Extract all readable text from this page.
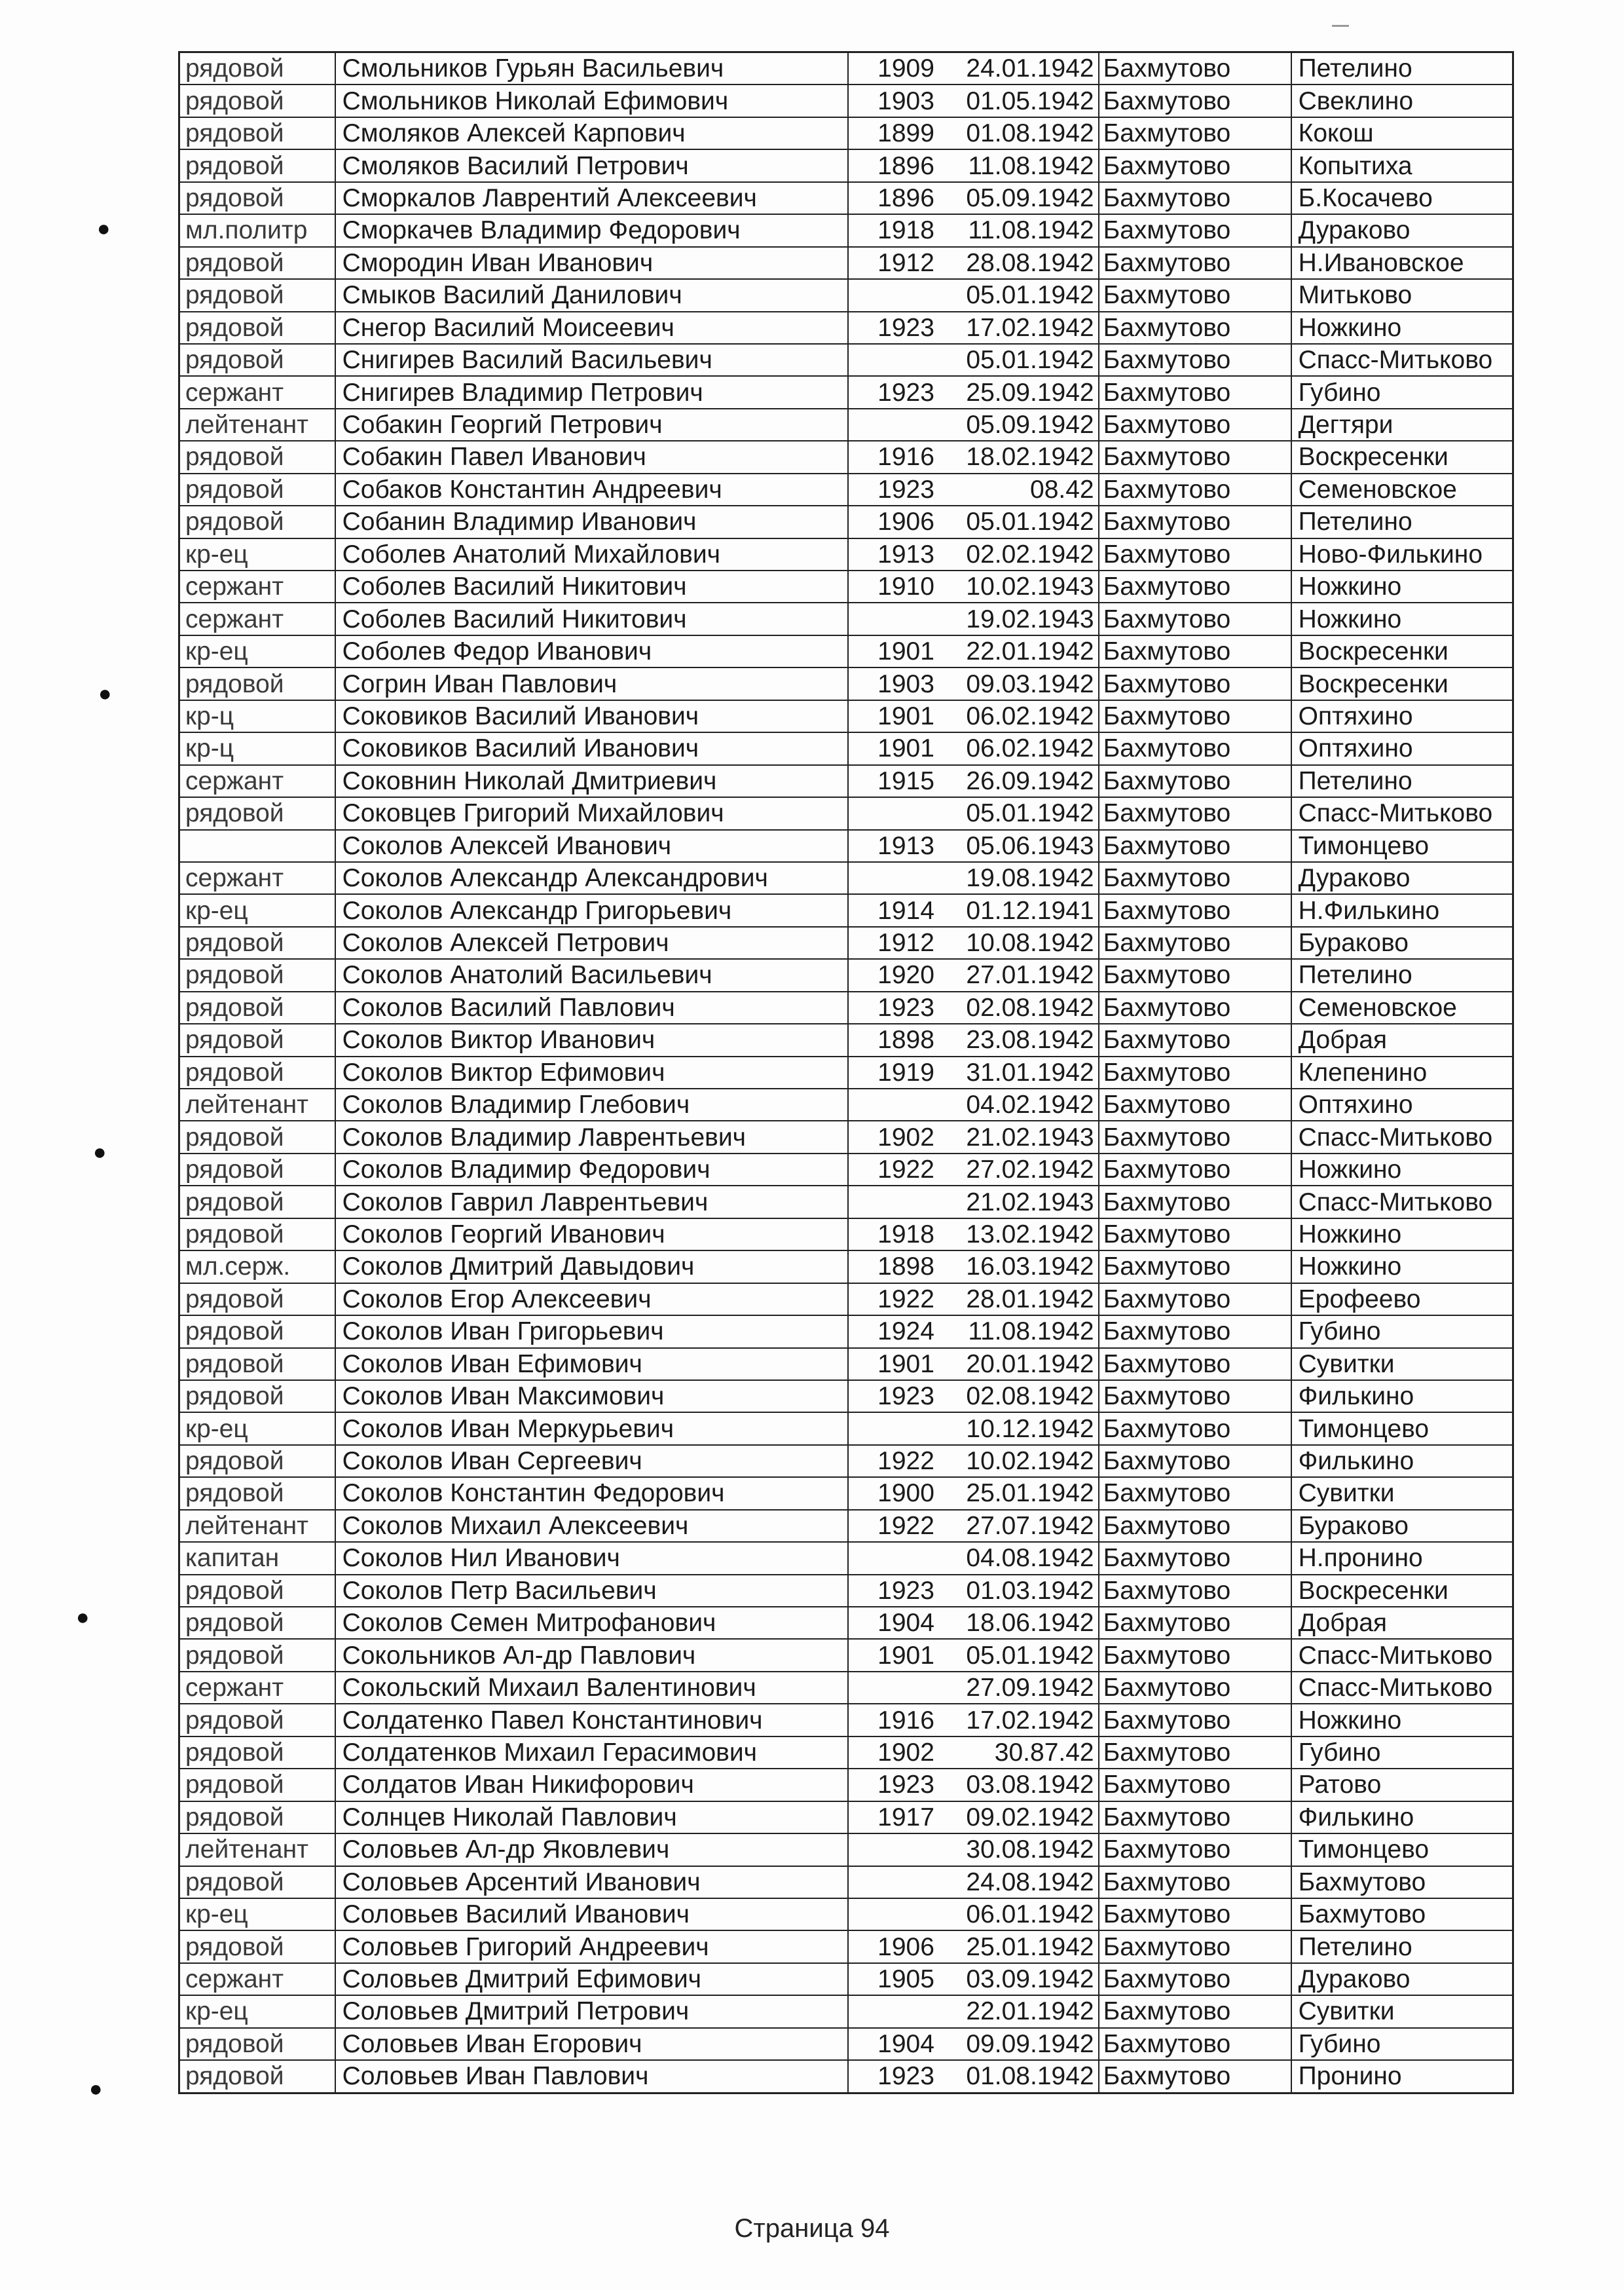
●
●
●
●
●
рядовой	Смольников Гурьян Васильевич	1909	24.01.1942	Бахмутово	Петелино
рядовой	Смольников Николай Ефимович	1903	01.05.1942	Бахмутово	Свеклино
рядовой	Смоляков Алексей Карпович	1899	01.08.1942	Бахмутово	Кокош
рядовой	Смоляков Василий Петрович	1896	11.08.1942	Бахмутово	Копытиха
рядовой	Сморкалов Лаврентий Алексеевич	1896	05.09.1942	Бахмутово	Б.Косачево
мл.политр	Сморкачев Владимир Федорович	1918	11.08.1942	Бахмутово	Дураково
рядовой	Смородин Иван Иванович	1912	28.08.1942	Бахмутово	Н.Ивановское
рядовой	Смыков Василий Данилович		05.01.1942	Бахмутово	Митьково
рядовой	Снегор Василий Моисеевич	1923	17.02.1942	Бахмутово	Ножкино
рядовой	Снигирев Василий Васильевич		05.01.1942	Бахмутово	Спасс-Митьково
сержант	Снигирев Владимир Петрович	1923	25.09.1942	Бахмутово	Губино
лейтенант	Собакин Георгий Петрович		05.09.1942	Бахмутово	Дегтяри
рядовой	Собакин Павел Иванович	1916	18.02.1942	Бахмутово	Воскресенки
рядовой	Собаков Константин Андреевич	1923	08.42	Бахмутово	Семеновское
рядовой	Собанин Владимир Иванович	1906	05.01.1942	Бахмутово	Петелино
кр-ец	Соболев Анатолий Михайлович	1913	02.02.1942	Бахмутово	Ново-Филькино
сержант	Соболев Василий Никитович	1910	10.02.1943	Бахмутово	Ножкино
сержант	Соболев Василий Никитович		19.02.1943	Бахмутово	Ножкино
кр-ец	Соболев Федор Иванович	1901	22.01.1942	Бахмутово	Воскресенки
рядовой	Согрин Иван Павлович	1903	09.03.1942	Бахмутово	Воскресенки
кр-ц	Соковиков Василий Иванович	1901	06.02.1942	Бахмутово	Оптяхино
кр-ц	Соковиков Василий Иванович	1901	06.02.1942	Бахмутово	Оптяхино
сержант	Соковнин Николай Дмитриевич	1915	26.09.1942	Бахмутово	Петелино
рядовой	Соковцев Григорий Михайлович		05.01.1942	Бахмутово	Спасс-Митьково
	Соколов Алексей Иванович	1913	05.06.1943	Бахмутово	Тимонцево
сержант	Соколов Александр Александрович		19.08.1942	Бахмутово	Дураково
кр-ец	Соколов Александр Григорьевич	1914	01.12.1941	Бахмутово	Н.Филькино
рядовой	Соколов Алексей Петрович	1912	10.08.1942	Бахмутово	Бураково
рядовой	Соколов Анатолий Васильевич	1920	27.01.1942	Бахмутово	Петелино
рядовой	Соколов Василий Павлович	1923	02.08.1942	Бахмутово	Семеновское
рядовой	Соколов Виктор Иванович	1898	23.08.1942	Бахмутово	Добрая
рядовой	Соколов Виктор Ефимович	1919	31.01.1942	Бахмутово	Клепенино
лейтенант	Соколов Владимир Глебович		04.02.1942	Бахмутово	Оптяхино
рядовой	Соколов Владимир Лаврентьевич	1902	21.02.1943	Бахмутово	Спасс-Митьково
рядовой	Соколов Владимир Федорович	1922	27.02.1942	Бахмутово	Ножкино
рядовой	Соколов Гаврил Лаврентьевич		21.02.1943	Бахмутово	Спасс-Митьково
рядовой	Соколов Георгий Иванович	1918	13.02.1942	Бахмутово	Ножкино
мл.серж.	Соколов Дмитрий Давыдович	1898	16.03.1942	Бахмутово	Ножкино
рядовой	Соколов Егор Алексеевич	1922	28.01.1942	Бахмутово	Ерофеево
рядовой	Соколов Иван Григорьевич	1924	11.08.1942	Бахмутово	Губино
рядовой	Соколов Иван Ефимович	1901	20.01.1942	Бахмутово	Сувитки
рядовой	Соколов Иван Максимович	1923	02.08.1942	Бахмутово	Филькино
кр-ец	Соколов Иван Меркурьевич		10.12.1942	Бахмутово	Тимонцево
рядовой	Соколов Иван Сергеевич	1922	10.02.1942	Бахмутово	Филькино
рядовой	Соколов Константин Федорович	1900	25.01.1942	Бахмутово	Сувитки
лейтенант	Соколов Михаил Алексеевич	1922	27.07.1942	Бахмутово	Бураково
капитан	Соколов Нил Иванович		04.08.1942	Бахмутово	Н.пронино
рядовой	Соколов Петр Васильевич	1923	01.03.1942	Бахмутово	Воскресенки
рядовой	Соколов Семен Митрофанович	1904	18.06.1942	Бахмутово	Добрая
рядовой	Сокольников Ал-др Павлович	1901	05.01.1942	Бахмутово	Спасс-Митьково
сержант	Сокольский Михаил Валентинович		27.09.1942	Бахмутово	Спасс-Митьково
рядовой	Солдатенко Павел Константинович	1916	17.02.1942	Бахмутово	Ножкино
рядовой	Солдатенков Михаил Герасимович	1902	30.87.42	Бахмутово	Губино
рядовой	Солдатов Иван Никифорович	1923	03.08.1942	Бахмутово	Ратово
рядовой	Солнцев Николай Павлович	1917	09.02.1942	Бахмутово	Филькино
лейтенант	Соловьев Ал-др Яковлевич		30.08.1942	Бахмутово	Тимонцево
рядовой	Соловьев Арсентий Иванович		24.08.1942	Бахмутово	Бахмутово
кр-ец	Соловьев Василий Иванович		06.01.1942	Бахмутово	Бахмутово
рядовой	Соловьев Григорий Андреевич	1906	25.01.1942	Бахмутово	Петелино
сержант	Соловьев Дмитрий Ефимович	1905	03.09.1942	Бахмутово	Дураково
кр-ец	Соловьев Дмитрий Петрович		22.01.1942	Бахмутово	Сувитки
рядовой	Соловьев Иван Егорович	1904	09.09.1942	Бахмутово	Губино
рядовой	Соловьев Иван Павлович	1923	01.08.1942	Бахмутово	Пронино
Страница 94
